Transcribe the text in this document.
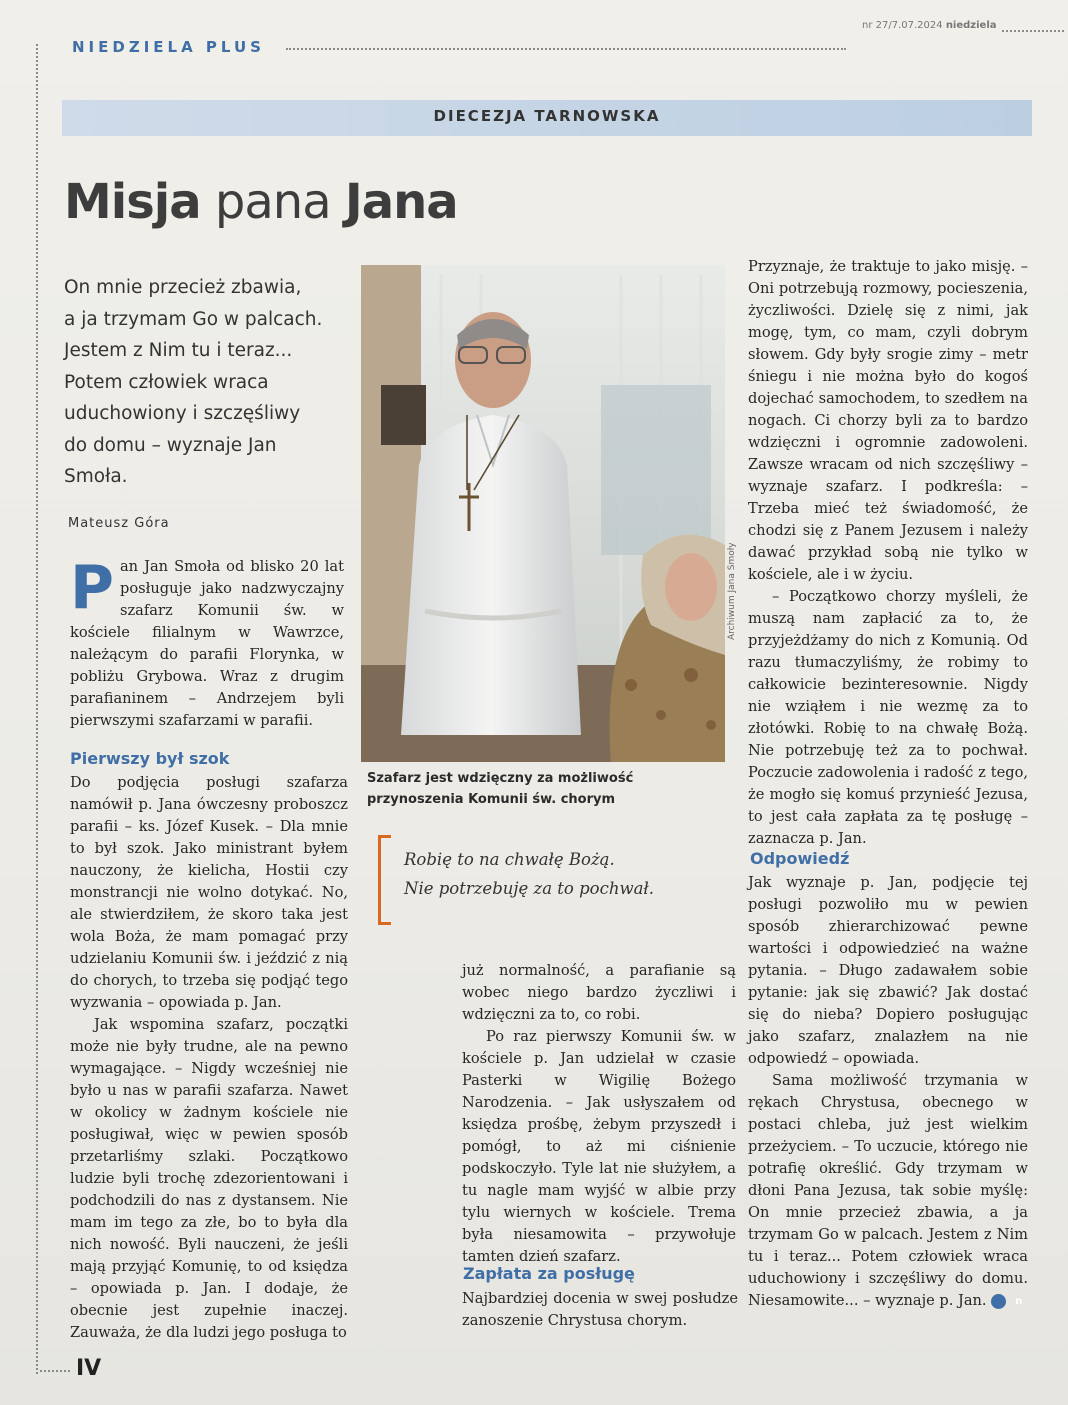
NIEDZIELA PLUS
nr 27/7.07.2024 niedziela
DIECEZJA TARNOWSKA
Misja pana Jana
On mnie przecież zbawia,
a ja trzymam Go w palcach.
Jestem z Nim tu i teraz...
Potem człowiek wraca
uduchowiony i szczęśliwy
do domu – wyznaje Jan
Smoła.
Mateusz Góra

Pan Jan Smoła od blisko 20 lat posługuje jako nadzwyczajny szafarz Komunii św. w kościele filialnym w Wawrzce, należącym do parafii Florynka, w pobliżu Grybowa. Wraz z drugim parafianinem – Andrzejem byli pierwszymi szafarzami w parafii.

Pierwszy był szok

Do podjęcia posługi szafarza namówił p. Jana ówczesny proboszcz parafii – ks. Józef Kusek. – Dla mnie to był szok. Jako ministrant byłem nauczony, że kielicha, Hostii czy monstrancji nie wolno dotykać. No, ale stwierdziłem, że skoro taka jest wola Boża, że mam pomagać przy udzielaniu Komunii św. i jeździć z nią do chorych, to trzeba się podjąć tego wyzwania – opowiada p. Jan.

Jak wspomina szafarz, początki może nie były trudne, ale na pewno wymagające. – Nigdy wcześniej nie było u nas w parafii szafarza. Nawet w okolicy w żadnym kościele nie posługiwał, więc w pewien sposób przetarliśmy szlaki. Początkowo ludzie byli trochę zdezorientowani i podchodzili do nas z dystansem. Nie mam im tego za złe, bo to była dla nich nowość. Byli nauczeni, że jeśli mają przyjąć Komunię, to od księdza – opowiada p. Jan. I dodaje, że obecnie jest zupełnie inaczej. Zauważa, że dla ludzi jego posługa to

Archiwum Jana Smoły
Szafarz jest wdzięczny za możliwość przynoszenia Komunii św. chorym
Robię to na chwałę Bożą.
Nie potrzebuję za to pochwał.

już normalność, a parafianie są wobec niego bardzo życzliwi i wdzięczni za to, co robi.

Po raz pierwszy Komunii św. w kościele p. Jan udzielał w czasie Pasterki w Wigilię Bożego Narodzenia. – Jak usłyszałem od księdza prośbę, żebym przyszedł i pomógł, to aż mi ciśnienie podskoczyło. Tyle lat nie służyłem, a tu nagle mam wyjść w albie przy tylu wiernych w kościele. Trema była niesamowita – przywołuje tamten dzień szafarz.

Zapłata za posługę

Najbardziej docenia w swej posłudze zanoszenie Chrystusa chorym.

Przyznaje, że traktuje to jako misję. – Oni potrzebują rozmowy, pocieszenia, życzliwości. Dzielę się z nimi, jak mogę, tym, co mam, czyli dobrym słowem. Gdy były srogie zimy – metr śniegu i nie można było do kogoś dojechać samochodem, to szedłem na nogach. Ci chorzy byli za to bardzo wdzięczni i ogromnie zadowoleni. Zawsze wracam od nich szczęśliwy – wyznaje szafarz. I podkreśla: – Trzeba mieć też świadomość, że chodzi się z Panem Jezusem i należy dawać przykład sobą nie tylko w kościele, ale i w życiu.

– Początkowo chorzy myśleli, że muszą nam zapłacić za to, że przyjeżdżamy do nich z Komunią. Od razu tłumaczyliśmy, że robimy to całkowicie bezinteresownie. Nigdy nie wziąłem i nie wezmę za to złotówki. Robię to na chwałę Bożą. Nie potrzebuję też za to pochwał. Poczucie zadowolenia i radość z tego, że mogło się komuś przynieść Jezusa, to jest cała zapłata za tę posługę – zaznacza p. Jan.

Odpowiedź

Jak wyznaje p. Jan, podjęcie tej posługi pozwoliło mu w pewien sposób zhierarchizować pewne wartości i odpowiedzieć na ważne pytania. – Długo zadawałem sobie pytanie: jak się zbawić? Jak dostać się do nieba? Dopiero posługując jako szafarz, znalazłem na nie odpowiedź – opowiada.

Sama możliwość trzymania w rękach Chrystusa, obecnego w postaci chleba, już jest wielkim przeżyciem. – To uczucie, którego nie potrafię określić. Gdy trzymam w dłoni Pana Jezusa, tak sobie myślę: On mnie przecież zbawia, a ja trzymam Go w palcach. Jestem z Nim tu i teraz... Potem człowiek wraca uduchowiony i szczęśliwy do domu. Niesamowite... – wyznaje p. Jan.	n

IV
